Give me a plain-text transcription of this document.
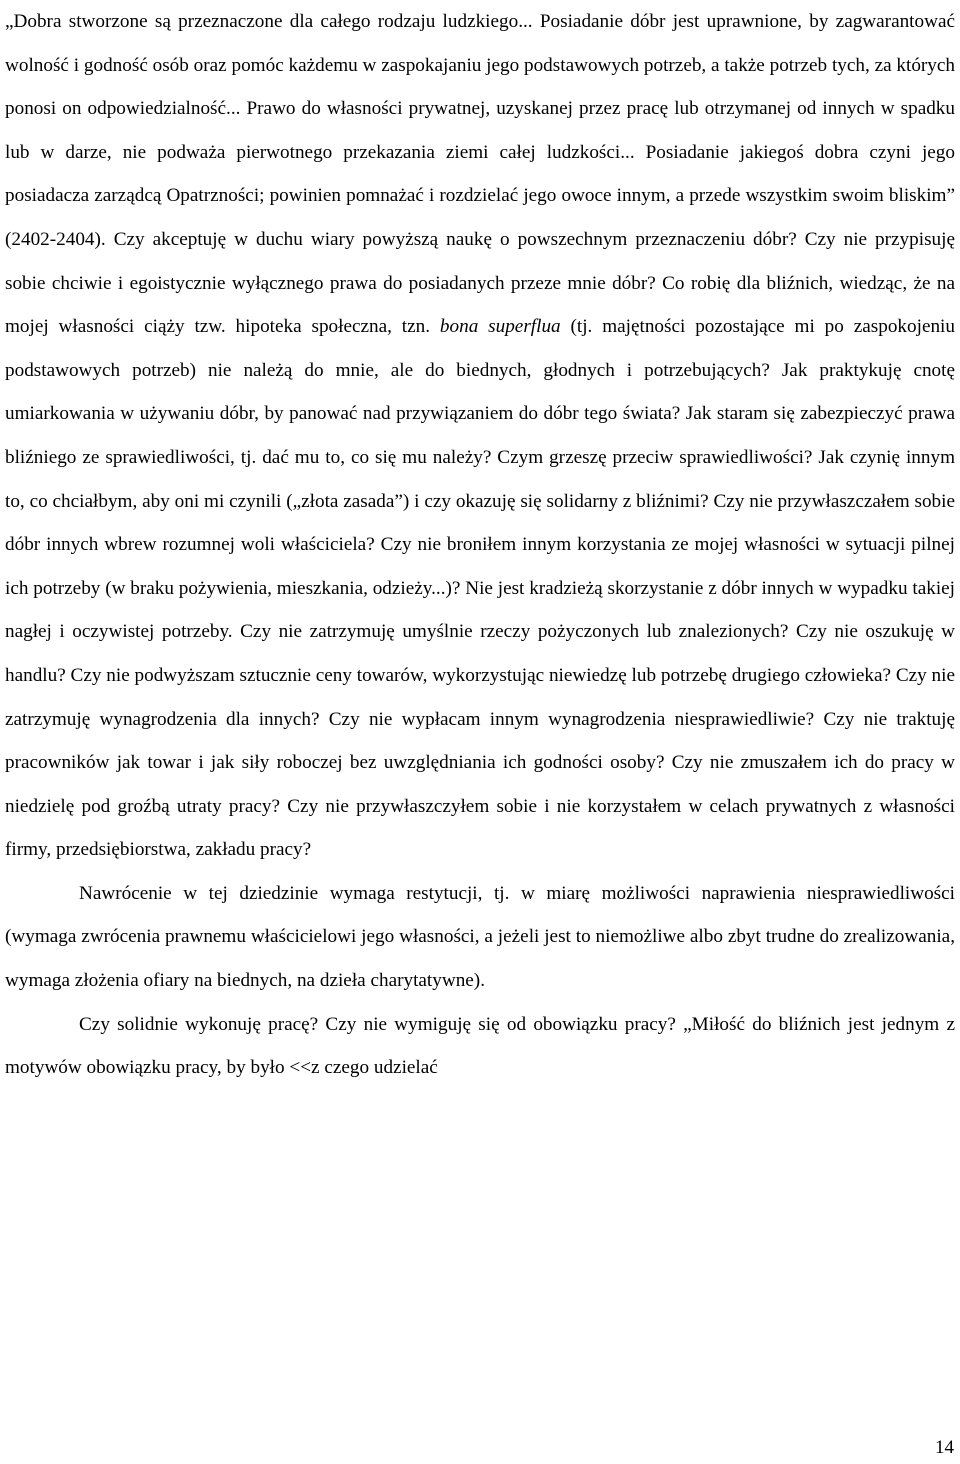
„Dobra stworzone są przeznaczone dla całego rodzaju ludzkiego... Posiadanie dóbr jest uprawnione, by zagwarantować wolność i godność osób oraz pomóc każdemu w zaspokajaniu jego podstawowych potrzeb, a także potrzeb tych, za których ponosi on odpowiedzialność... Prawo do własności prywatnej, uzyskanej przez pracę lub otrzymanej od innych w spadku lub w darze, nie podważa pierwotnego przekazania ziemi całej ludzkości... Posiadanie jakiegoś dobra czyni jego posiadacza zarządcą Opatrzności; powinien pomnażać i rozdzielać jego owoce innym, a przede wszystkim swoim bliskim” (2402-2404). Czy akceptuję w duchu wiary powyższą naukę o powszechnym przeznaczeniu dóbr? Czy nie przypisuję sobie chciwie i egoistycznie wyłącznego prawa do posiadanych przeze mnie dóbr? Co robię dla bliźnich, wiedząc, że na mojej własności ciąży tzw. hipoteka społeczna, tzn. bona superflua (tj. majętności pozostające mi po zaspokojeniu podstawowych potrzeb) nie należą do mnie, ale do biednych, głodnych i potrzebujących? Jak praktykuję cnotę umiarkowania w używaniu dóbr, by panować nad przywiązaniem do dóbr tego świata? Jak staram się zabezpieczyć prawa bliźniego ze sprawiedliwości, tj. dać mu to, co się mu należy? Czym grzeszę przeciw sprawiedliwości? Jak czynię innym to, co chciałbym, aby oni mi czynili („złota zasada”) i czy okazuję się solidarny z bliźnimi? Czy nie przywłaszczałem sobie dóbr innych wbrew rozumnej woli właściciela? Czy nie broniłem innym korzystania ze mojej własności w sytuacji pilnej ich potrzeby (w braku pożywienia, mieszkania, odzieży...)? Nie jest kradzieżą skorzystanie z dóbr innych w wypadku takiej nagłej i oczywistej potrzeby. Czy nie zatrzymuję umyślnie rzeczy pożyczonych lub znalezionych? Czy nie oszukuję w handlu? Czy nie podwyższam sztucznie ceny towarów, wykorzystując niewiedzę lub potrzebę drugiego człowieka? Czy nie zatrzymuję wynagrodzenia dla innych? Czy nie wypłacam innym wynagrodzenia niesprawiedliwie? Czy nie traktuję pracowników jak towar i jak siły roboczej bez uwzględniania ich godności osoby? Czy nie zmuszałem ich do pracy w niedzielę pod groźbą utraty pracy? Czy nie przywłaszczyłem sobie i nie korzystałem w celach prywatnych z własności firmy, przedsiębiorstwa, zakładu pracy?

Nawrócenie w tej dziedzinie wymaga restytucji, tj. w miarę możliwości naprawienia niesprawiedliwości (wymaga zwrócenia prawnemu właścicielowi jego własności, a jeżeli jest to niemożliwe albo zbyt trudne do zrealizowania, wymaga złożenia ofiary na biednych, na dzieła charytatywne).

Czy solidnie wykonuję pracę? Czy nie wymiguję się od obowiązku pracy? „Miłość do bliźnich jest jednym z motywów obowiązku pracy, by było <<z czego udzielać

14
